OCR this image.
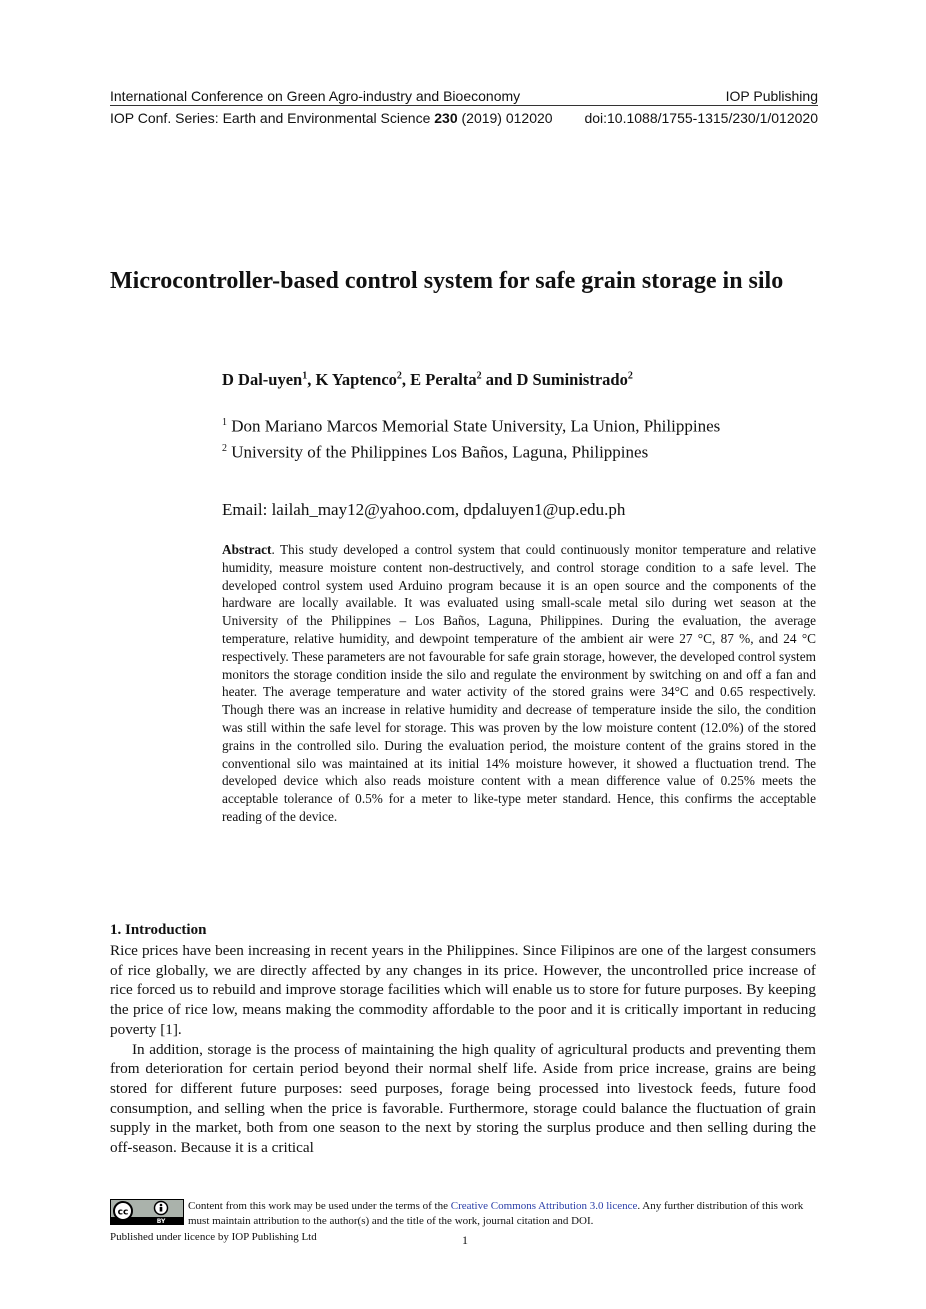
International Conference on Green Agro-industry and Bioeconomy	IOP Publishing
IOP Conf. Series: Earth and Environmental Science 230 (2019) 012020 doi:10.1088/1755-1315/230/1/012020
Microcontroller-based control system for safe grain storage in silo
D Dal-uyen$^1$, K Yaptenco$^2$, E Peralta$^2$ and D Suministrado$^2$
$^1$ Don Mariano Marcos Memorial State University, La Union, Philippines
$^2$ University of the Philippines Los Baños, Laguna, Philippines
Email: lailah_may12@yahoo.com, dpdaluyen1@up.edu.ph

Abstract. This study developed a control system that could continuously monitor temperature and relative humidity, measure moisture content non-destructively, and control storage condition to a safe level. The developed control system used Arduino program because it is an open source and the components of the hardware are locally available. It was evaluated using small-scale metal silo during wet season at the University of the Philippines – Los Baños, Laguna, Philippines. During the evaluation, the average temperature, relative humidity, and dewpoint temperature of the ambient air were 27 °C, 87 %, and 24 °C respectively. These parameters are not favourable for safe grain storage, however, the developed control system monitors the storage condition inside the silo and regulate the environment by switching on and off a fan and heater. The average temperature and water activity of the stored grains were 34°C and 0.65 respectively. Though there was an increase in relative humidity and decrease of temperature inside the silo, the condition was still within the safe level for storage. This was proven by the low moisture content (12.0%) of the stored grains in the controlled silo. During the evaluation period, the moisture content of the grains stored in the conventional silo was maintained at its initial 14% moisture however, it showed a fluctuation trend. The developed device which also reads moisture content with a mean difference value of 0.25% meets the acceptable tolerance of 0.5% for a meter to like-type meter standard. Hence, this confirms the acceptable reading of the device.

1. Introduction

Rice prices have been increasing in recent years in the Philippines. Since Filipinos are one of the largest consumers of rice globally, we are directly affected by any changes in its price. However, the uncontrolled price increase of rice forced us to rebuild and improve storage facilities which will enable us to store for future purposes. By keeping the price of rice low, means making the commodity affordable to the poor and it is critically important in reducing poverty [1].

In addition, storage is the process of maintaining the high quality of agricultural products and preventing them from deterioration for certain period beyond their normal shelf life. Aside from price increase, grains are being stored for different future purposes: seed purposes, forage being processed into livestock feeds, future food consumption, and selling when the price is favorable. Furthermore, storage could balance the fluctuation of grain supply in the market, both from one season to the next by storing the surplus produce and then selling during the off-season. Because it is a critical

cc
BY
Content from this work may be used under the terms of the Creative Commons Attribution 3.0 licence. Any further distribution of this work must maintain attribution to the author(s) and the title of the work, journal citation and DOI.
Published under licence by IOP Publishing Ltd	1
